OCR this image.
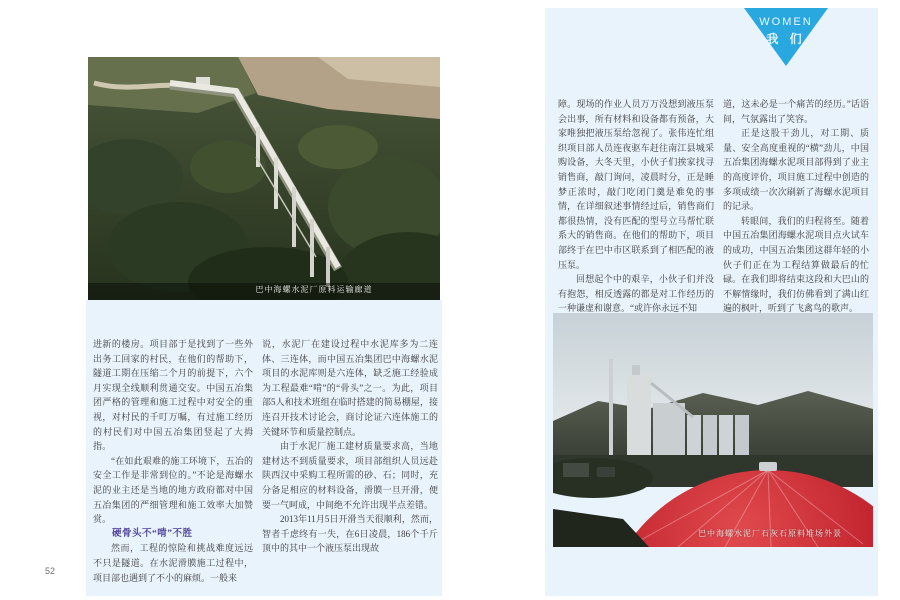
巴中海螺水泥厂原料运输廊道

进新的楼房。项目部于是找到了一些外出务工回家的村民，在他们的帮助下，隧道工期在压缩二个月的前提下，六个月实现全线顺利贯通交安。中国五冶集团严格的管理和施工过程中对安全的重视，对村民的千叮万嘱，有过施工经历的村民们对中国五冶集团竖起了大拇指。

“在如此艰难的施工环境下，五冶的安全工作是非常到位的。”不论是海螺水泥的业主还是当地的地方政府都对中国五冶集团的严细管理和施工效率大加赞赏。

硬骨头不“啃”不胜

然而，工程的惊险和挑战难度远远不只是隧道。在水泥滑膜施工过程中，项目部也遇到了不小的麻烦。一般来

说，水泥厂在建设过程中水泥库多为二连体、三连体，而中国五冶集团巴中海螺水泥项目的水泥库则是六连体，缺乏施工经验成为工程最难“啃”的“骨头”之一。为此，项目部5人和技术班组在临时搭建的简易棚屋，接连召开技术讨论会，商讨论证六连体施工的关键环节和质量控制点。

由于水泥厂施工建材质量要求高，当地建材达不到质量要求，项目部组织人员远赴陕西汉中采购工程所需的砂、石；同时，充分备足相应的材料设备，滑膜一旦开滑，便要一气呵成，中间绝不允许出现半点差错。

2013年11月5日开滑当天很顺利，然而，智者千虑终有一失，在6日凌晨，186个千斤顶中的其中一个液压泵出现故

WOMEN
我 们

障。现场的作业人员万万没想到液压泵会出事，所有材料和设备都有预备，大家唯独把液压泵给忽视了。张伟连忙组织项目部人员连夜驱车赶往南江县城采购设备，大冬天里，小伙子们挨家找寻销售商，敲门询问，凌晨时分，正是睡梦正浓时，敲门吃闭门羹是难免的事情，在详细叙述事情经过后，销售商们都很热情，没有匹配的型号立马帮忙联系大的销售商。在他们的帮助下，项目部终于在巴中市区联系到了相匹配的液压泵。

回想起个中的艰辛，小伙子们并没有抱怨，相反透露的都是对工作经历的一种谦虚和谢意。“或许你永远不知

道，这未必是一个痛苦的经历。”话语间，气氛露出了笑容。

正是这股干劲儿，对工期、质量、安全高度重视的“横”劲儿，中国五冶集团海螺水泥项目部得到了业主的高度评价，项目施工过程中创造的多项成绩一次次刷新了海螺水泥项目的记录。

转眼间，我们的归程将至。随着中国五冶集团海螺水泥项目点火试车的成功，中国五冶集团这群年轻的小伙子们正在为工程结算做最后的忙碌。在我们即将结束这段和大巴山的不解情缘时，我们仿佛看到了满山红遍的枫叶，听到了飞禽鸟的歌声。

巴中海螺水泥厂石灰石原料堆场外景
52
